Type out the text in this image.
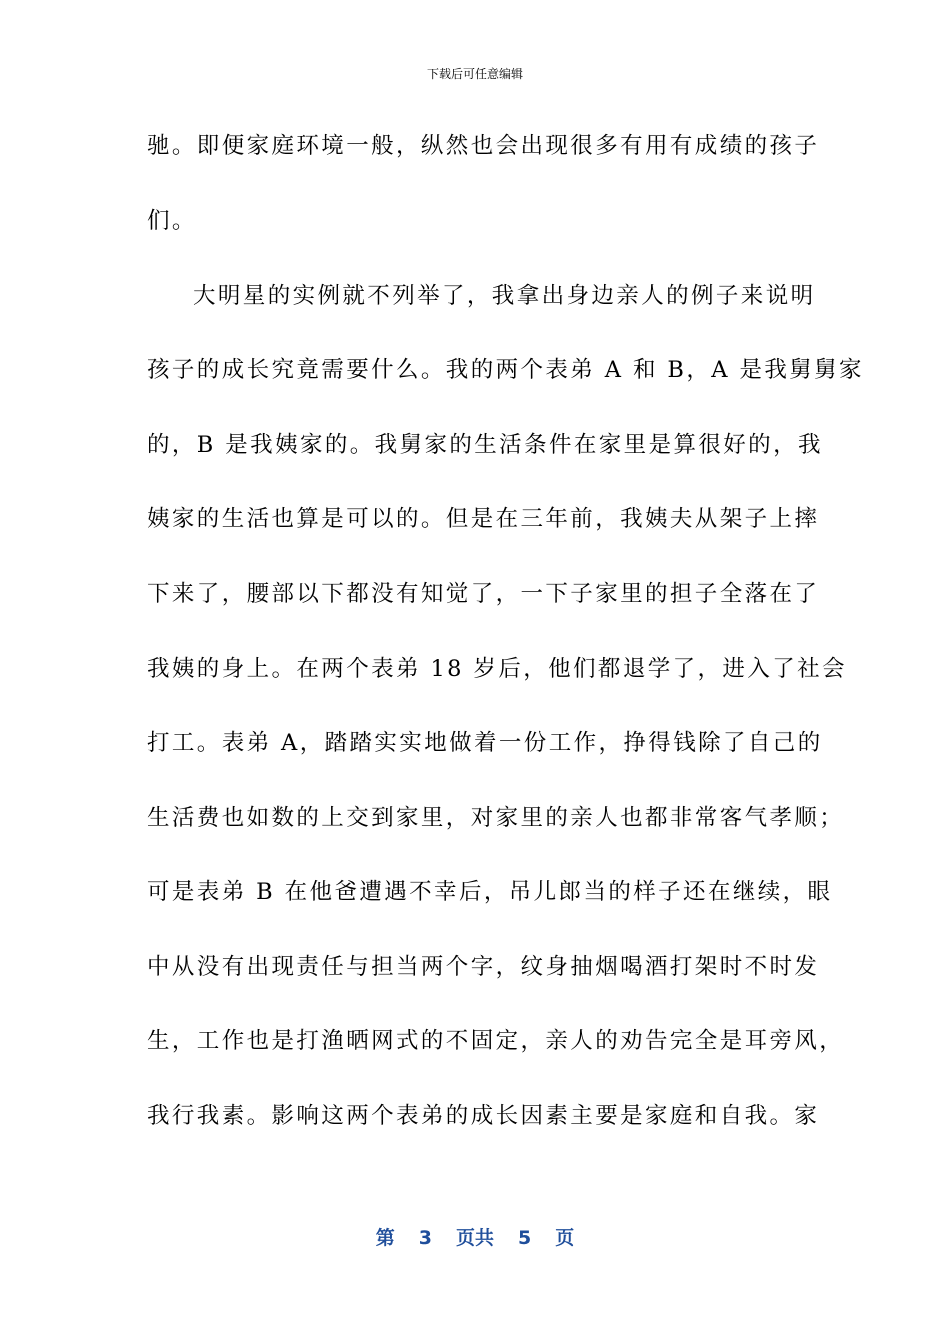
下载后可任意编辑
驰。即便家庭环境一般，纵然也会出现很多有用有成绩的孩子
们。
大明星的实例就不列举了，我拿出身边亲人的例子来说明
孩子的成长究竟需要什么。我的两个表弟 A 和 B，A 是我舅舅家
的，B 是我姨家的。我舅家的生活条件在家里是算很好的，我
姨家的生活也算是可以的。但是在三年前，我姨夫从架子上摔
下来了，腰部以下都没有知觉了，一下子家里的担子全落在了
我姨的身上。在两个表弟 18 岁后，他们都退学了，进入了社会
打工。表弟 A，踏踏实实地做着一份工作，挣得钱除了自己的
生活费也如数的上交到家里，对家里的亲人也都非常客气孝顺；
可是表弟 B 在他爸遭遇不幸后，吊儿郎当的样子还在继续，眼
中从没有出现责任与担当两个字，纹身抽烟喝酒打架时不时发
生，工作也是打渔晒网式的不固定，亲人的劝告完全是耳旁风，
我行我素。影响这两个表弟的成长因素主要是家庭和自我。家
第 3 页共 5 页
